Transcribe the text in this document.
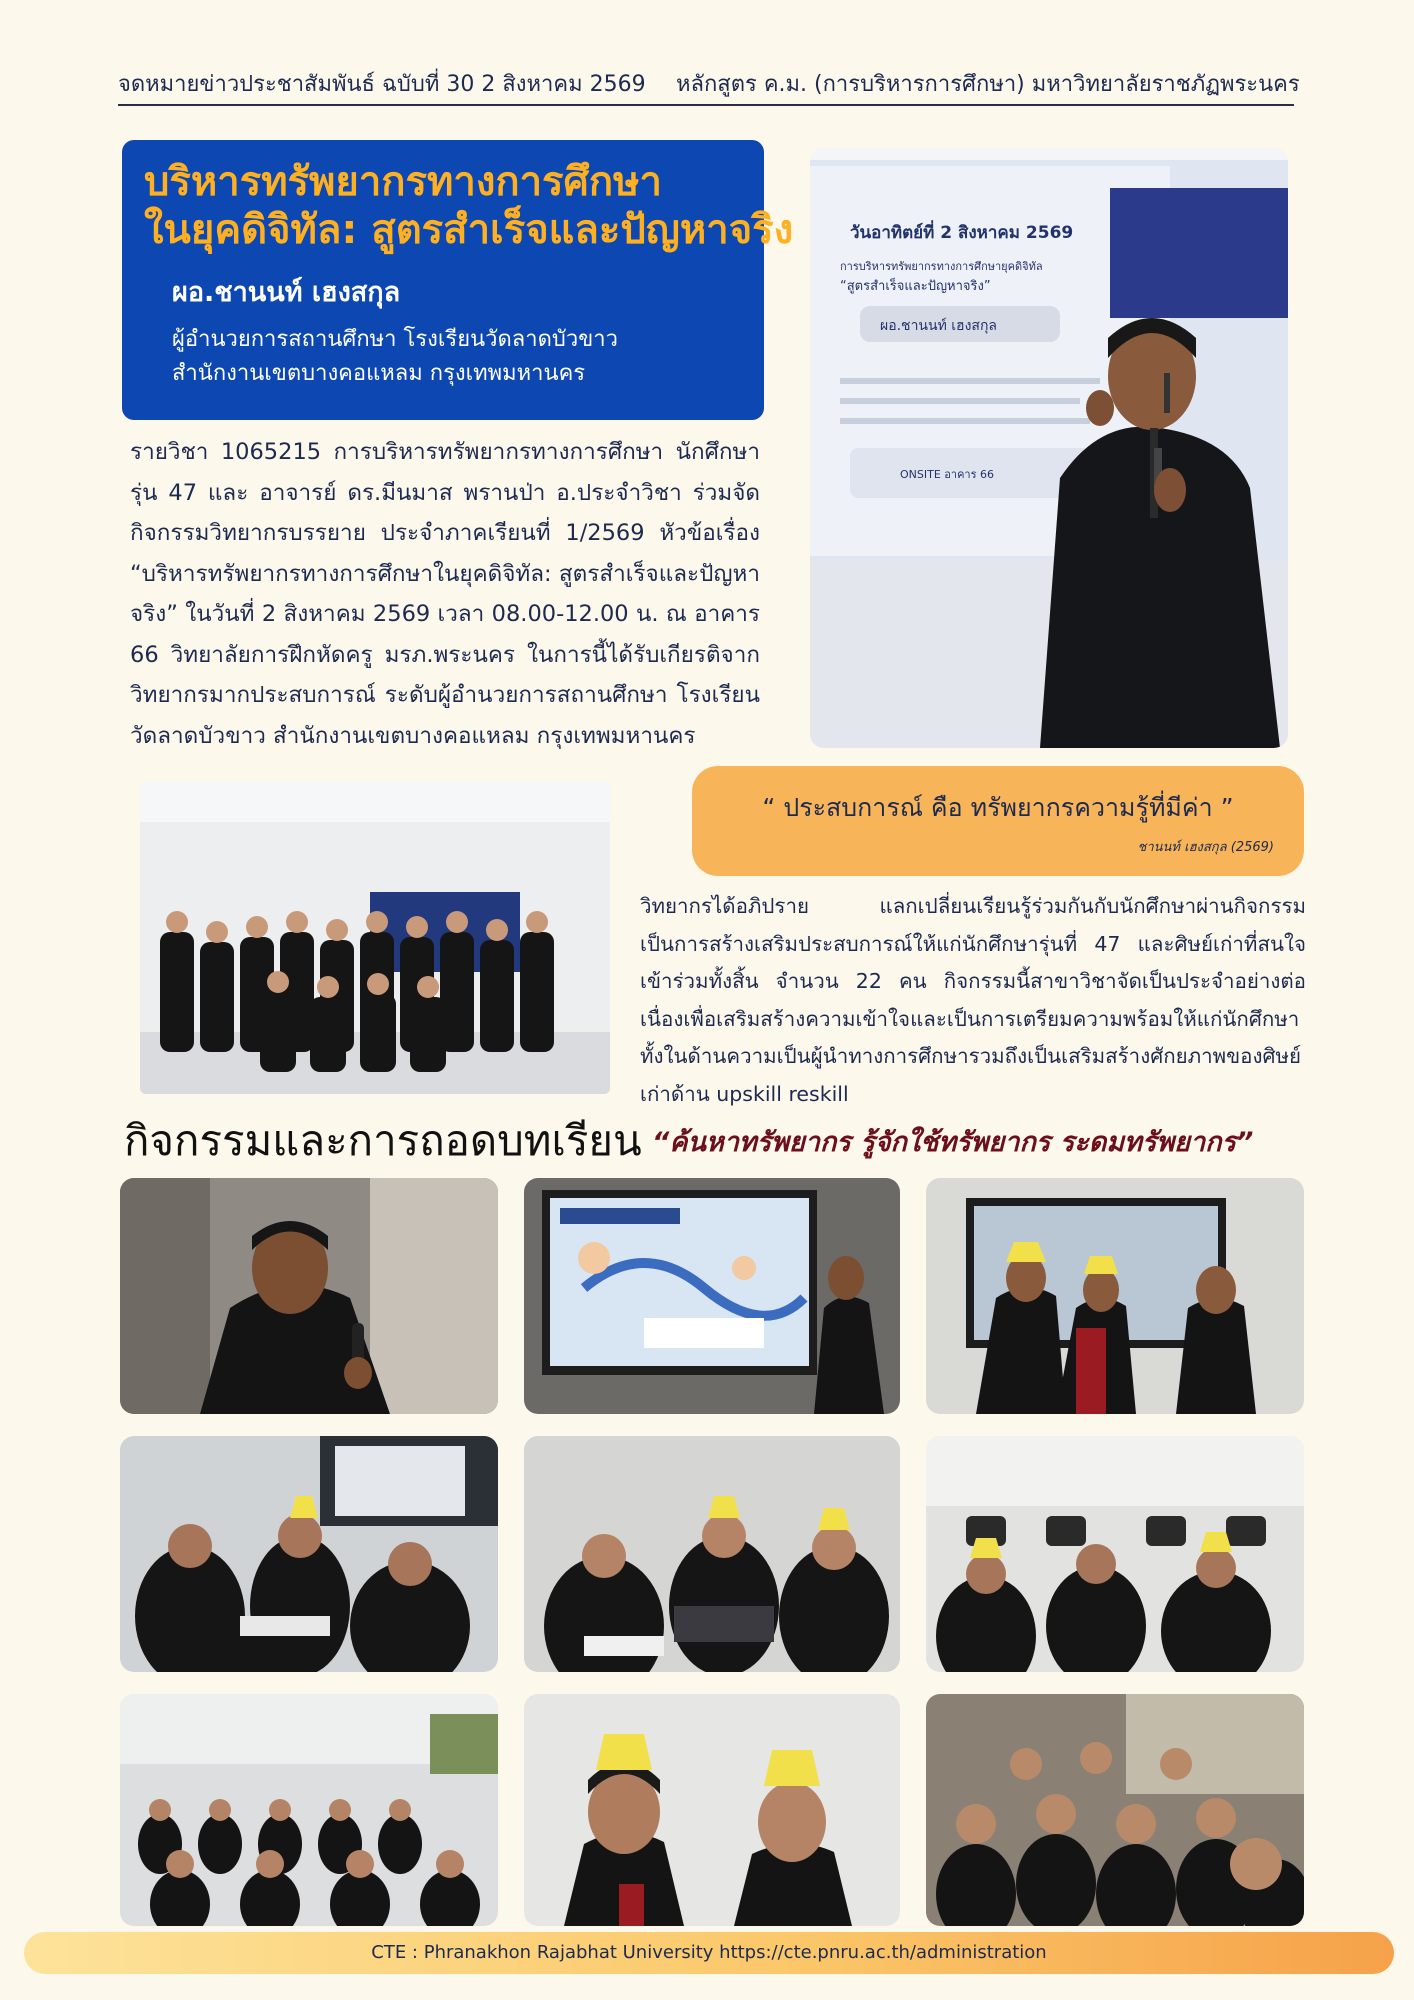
จดหมายข่าวประชาสัมพันธ์ ฉบับที่ 30 2 สิงหาคม 2569 หลักสูตร ค.ม. (การบริหารการศึกษา) มหาวิทยาลัยราชภัฏพระนคร
บริหารทรัพยากรทางการศึกษา
ในยุคดิจิทัล: สูตรสำเร็จและปัญหาจริง
ผอ.ชานนท์ เฮงสกุล
ผู้อำนวยการสถานศึกษา โรงเรียนวัดลาดบัวขาว
สำนักงานเขตบางคอแหลม กรุงเทพมหานคร
รายวิชา 1065215 การบริหารทรัพยากรทางการศึกษา นักศึกษารุ่น 47 และ อาจารย์ ดร.มีนมาส พรานป่า อ.ประจำวิชา ร่วมจัดกิจกรรมวิทยากรบรรยาย ประจำภาคเรียนที่ 1/2569 หัวข้อเรื่อง “บริหารทรัพยากรทางการศึกษาในยุคดิจิทัล: สูตรสำเร็จและปัญหาจริง” ในวันที่ 2 สิงหาคม 2569 เวลา 08.00-12.00 น. ณ อาคาร 66 วิทยาลัยการฝึกหัดครู มรภ.พระนคร ในการนี้ได้รับเกียรติจากวิทยากรมากประสบการณ์ ระดับผู้อำนวยการสถานศึกษา โรงเรียนวัดลาดบัวขาว สำนักงานเขตบางคอแหลม กรุงเทพมหานคร
วันอาทิตย์ที่ 2 สิงหาคม 2569
การบริหารทรัพยากรทางการศึกษายุคดิจิทัล
“สูตรสำเร็จและปัญหาจริง”
ผอ.ชานนท์ เฮงสกุล
ONSITE อาคาร 66
“ ประสบการณ์ คือ ทรัพยากรความรู้ที่มีค่า ”
ชานนท์ เฮงสกุล (2569)
วิทยากรได้อภิปราย แลกเปลี่ยนเรียนรู้ร่วมกันกับนักศึกษาผ่านกิจกรรม เป็นการสร้างเสริมประสบการณ์ให้แก่นักศึกษารุ่นที่ 47 และศิษย์เก่าที่สนใจเข้าร่วมทั้งสิ้น จำนวน 22 คน กิจกรรมนี้สาขาวิชาจัดเป็นประจำอย่างต่อเนื่องเพื่อเสริมสร้างความเข้าใจและเป็นการเตรียมความพร้อมให้แก่นักศึกษาทั้งในด้านความเป็นผู้นำทางการศึกษารวมถึงเป็นเสริมสร้างศักยภาพของศิษย์เก่าด้าน upskill reskill
กิจกรรมและการถอดบทเรียน “ค้นหาทรัพยากร รู้จักใช้ทรัพยากร ระดมทรัพยากร”
CTE : Phranakhon Rajabhat University https://cte.pnru.ac.th/administration
